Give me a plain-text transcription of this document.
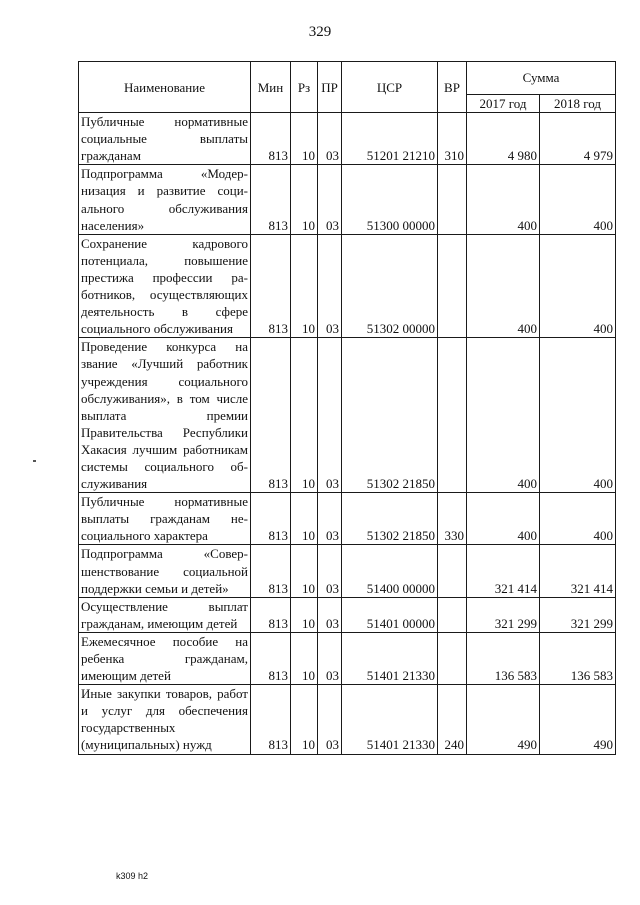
329
Наименование	Мин	Рз	ПР	ЦСР	ВР	Сумма	
						2017 год	2018 год
Публичные нормативные социальные выплаты гражданам	813	10	03	51201 21210	310	4 980	4 979
Подпрограмма «Модернизация и развитие социального обслуживания населения»	813	10	03	51300 00000		400	400
Сохранение кадрового потенциала, повышение престижа профессии работников, осуществляющих деятельность в сфере социального обслуживания	813	10	03	51302 00000		400	400
Проведение конкурса на звание «Лучший работник учреждения социального обслуживания», в том числе выплата премии Правительства Республики Хакасия лучшим работникам системы социального обслуживания	813	10	03	51302 21850		400	400
Публичные нормативные выплаты гражданам несоциального характера	813	10	03	51302 21850	330	400	400
Подпрограмма «Совершенствование социальной поддержки семьи и детей»	813	10	03	51400 00000		321 414	321 414
Осуществление выплат гражданам, имеющим детей	813	10	03	51401 00000		321 299	321 299
Ежемесячное пособие на ребенка гражданам, имеющим детей	813	10	03	51401 21330		136 583	136 583
Иные закупки товаров, работ и услуг для обеспечения государственных (муниципальных) нужд	813	10	03	51401 21330	240	490	490
k309 h2
